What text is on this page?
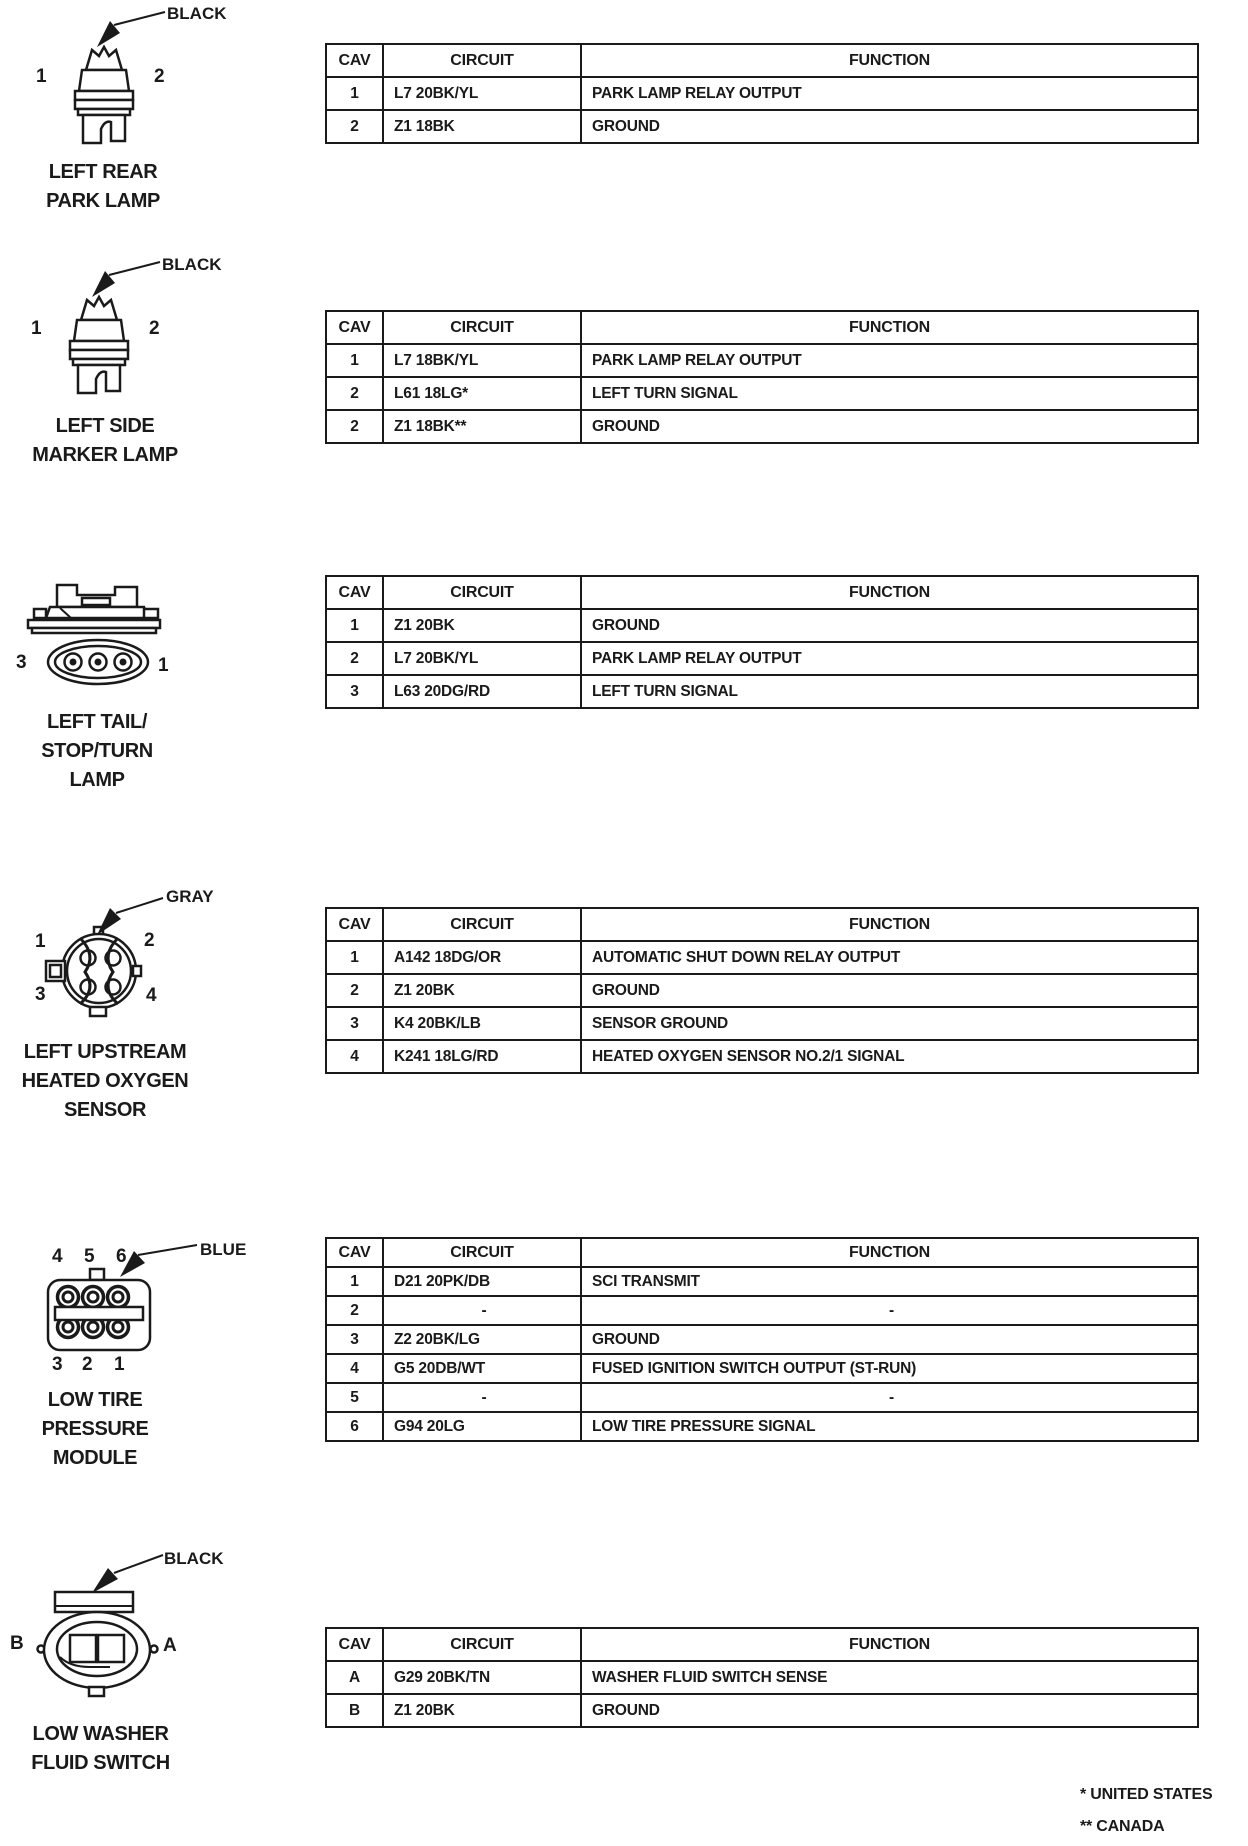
BLACK
1	2
LEFT REAR
PARK LAMP
CAV	CIRCUIT	FUNCTION
1	L7 20BK/YL	PARK LAMP RELAY OUTPUT
2	Z1 18BK	GROUND
BLACK
1	2
LEFT SIDE
MARKER LAMP
CAV	CIRCUIT	FUNCTION
1	L7 18BK/YL	PARK LAMP RELAY OUTPUT
2	L61 18LG*	LEFT TURN SIGNAL
2	Z1 18BK**	GROUND
3	1
LEFT TAIL/
STOP/TURN
LAMP
CAV	CIRCUIT	FUNCTION
1	Z1 20BK	GROUND
2	L7 20BK/YL	PARK LAMP RELAY OUTPUT
3	L63 20DG/RD	LEFT TURN SIGNAL
GRAY
1	2
3	4
LEFT UPSTREAM
HEATED OXYGEN
SENSOR
CAV	CIRCUIT	FUNCTION
1	A142 18DG/OR	AUTOMATIC SHUT DOWN RELAY OUTPUT
2	Z1 20BK	GROUND
3	K4 20BK/LB	SENSOR GROUND
4	K241 18LG/RD	HEATED OXYGEN SENSOR NO.2/1 SIGNAL
BLUE
4 5 6
3 2 1
LOW TIRE
PRESSURE
MODULE
CAV	CIRCUIT	FUNCTION
1	D21 20PK/DB	SCI TRANSMIT
2	-	-
3	Z2 20BK/LG	GROUND
4	G5 20DB/WT	FUSED IGNITION SWITCH OUTPUT (ST-RUN)
5	-	-
6	G94 20LG	LOW TIRE PRESSURE SIGNAL
BLACK
B	A
LOW WASHER
FLUID SWITCH
CAV	CIRCUIT	FUNCTION
A	G29 20BK/TN	WASHER FLUID SWITCH SENSE
B	Z1 20BK	GROUND
* UNITED STATES
** CANADA
